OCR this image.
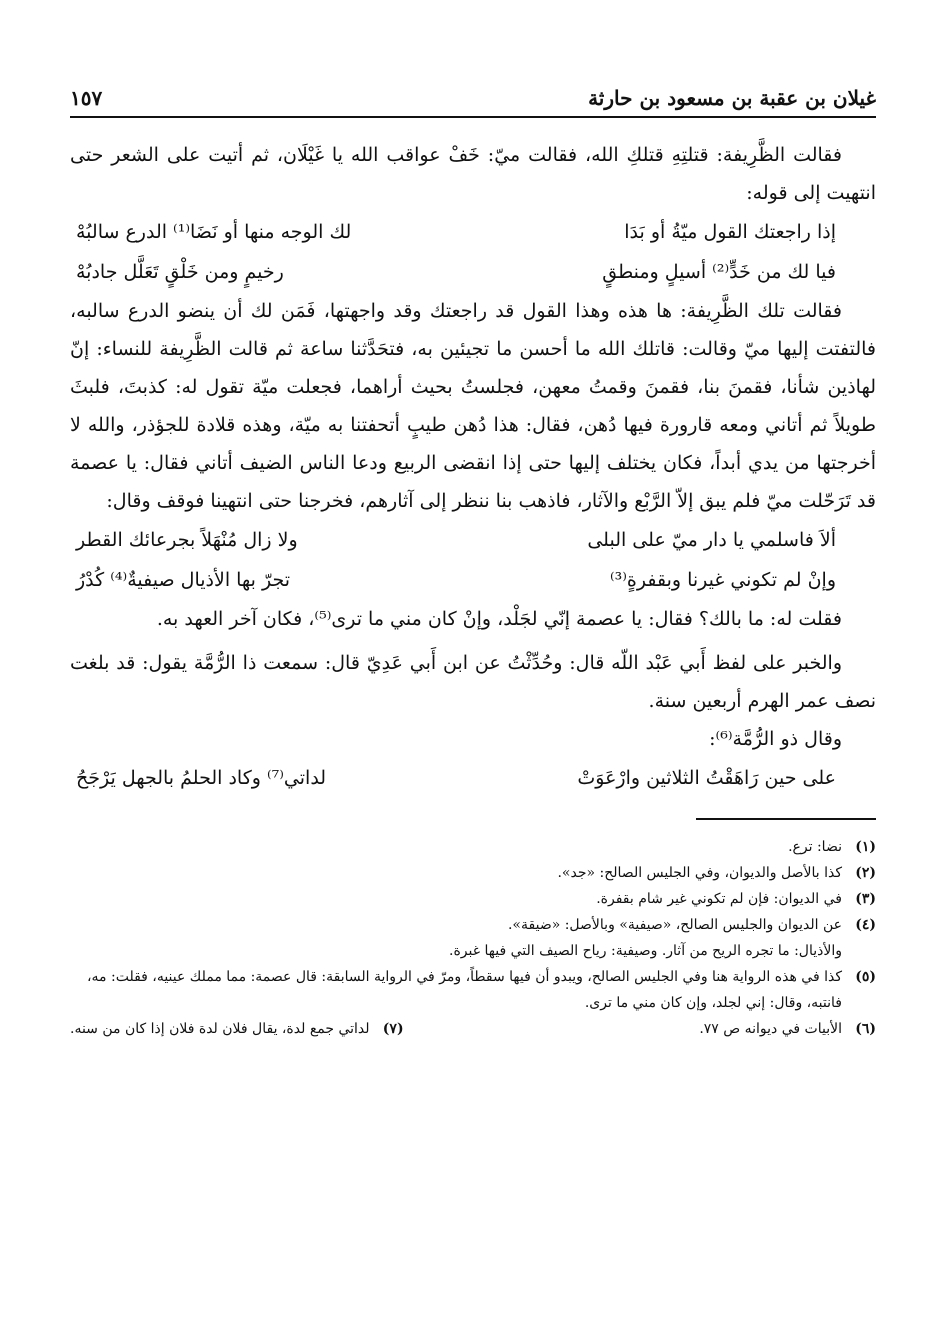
غيلان بن عقبة بن مسعود بن حارثة
١٥٧

فقالت الظَّرِيفة: قتلتِهِ قتلكِ الله، فقالت ميّ: خَفْ عواقب الله يا غَيْلَان، ثم أتيت على الشعر حتى انتهيت إلى قوله:

إذا راجعتك القول ميّةُ أو بَدَا
لك الوجه منها أو نَضَا⁽¹⁾ الدرع سالبُهْ
فيا لك من خَدٍّ⁽²⁾ أسيلٍ ومنطقٍ
رخيمٍ ومن خَلْقٍ تَعَلَّل جادبُهْ

فقالت تلك الظَّرِيفة: ها هذه وهذا القول قد راجعتك وقد واجهتها، فَمَن لك أن ينضو الدرع سالبه، فالتفتت إليها ميّ وقالت: قاتلك الله ما أحسن ما تجيئين به، فتحَدَّثنا ساعة ثم قالت الظَّرِيفة للنساء: إنّ لهاذين شأنا، فقمنَ بنا، فقمنَ وقمتُ معهن، فجلستُ بحيث أراهما، فجعلت ميّة تقول له: كذبتَ، فلبثَ طويلاً ثم أتاني ومعه قارورة فيها دُهن، فقال: هذا دُهن طيبٍ أتحفتنا به ميّة، وهذه قلادة للجؤذر، والله لا أخرجتها من يدي أبداً، فكان يختلف إليها حتى إذا انقضى الربيع ودعا الناس الضيف أتاني فقال: يا عصمة قد تَرَحّلت ميّ فلم يبق إلاّ الرَّبْع والآثار، فاذهب بنا ننظر إلى آثارهم، فخرجنا حتى انتهينا فوقف وقال:

ألاَ فاسلمي يا دار ميّ على البلى
ولا زال مُنْهَلاً بجرعائك القطر
وإنْ لم تكوني غيرنا وبقفرةٍ⁽³⁾
تجرّ بها الأذيال صيفيةٌ⁽⁴⁾ كُدْرُ

فقلت له: ما بالك؟ فقال: يا عصمة إنّي لجَلْد، وإنْ كان مني ما ترى⁽⁵⁾، فكان آخر العهد به.

والخبر على لفظ أَبي عَبْد اللّه قال: وحُدِّثْتُ عن ابن أَبي عَدِيّ قال: سمعت ذا الرُّمَّة يقول: قد بلغت نصف عمر الهرم أربعين سنة.

وقال ذو الرُّمَّة⁽⁶⁾:

على حين رَاهَقْتُ الثلاثين وارْعَوَتْ
لداتي⁽⁷⁾ وكاد الحلمُ بالجهل يَرْجَحُ
(١)
نضا: ترع.
(٢)
كذا بالأصل والديوان، وفي الجليس الصالح: «جد».
(٣)
في الديوان: فإن لم تكوني غير شام بقفرة.
(٤)
عن الديوان والجليس الصالح، «صيفية» وبالأصل: «ضيقة».
والأذيال: ما تجره الريح من آثار. وصيفية: رياح الصيف التي فيها غبرة.
(٥)
كذا في هذه الرواية هنا وفي الجليس الصالح، ويبدو أن فيها سقطاً، ومرّ في الرواية السابقة: قال عصمة: مما مملك عينيه، فقلت: مه، فانتبه، وقال: إني لجلد، وإن كان مني ما ترى.
(٦)
الأبيات في ديوانه ص ٧٧.
(٧)
لداتي جمع لدة، يقال فلان لدة فلان إذا كان من سنه.
